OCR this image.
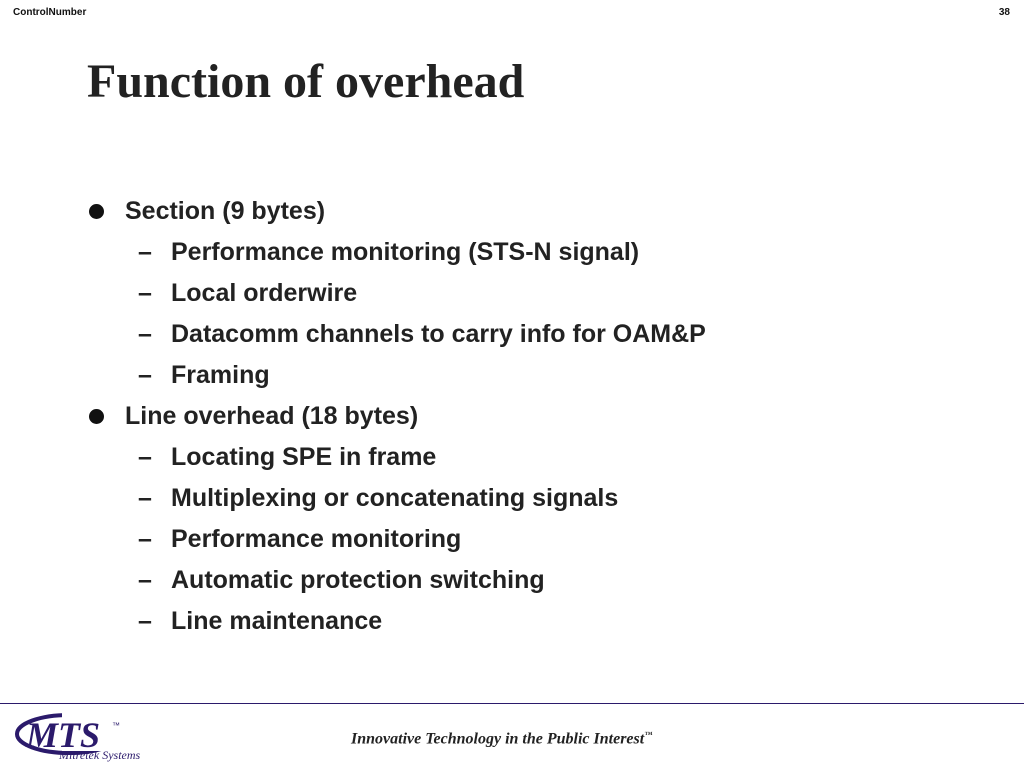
ControlNumber	38
Function of overhead
Section (9 bytes)
– Performance monitoring (STS-N signal)
– Local orderwire
– Datacomm channels to carry info for OAM&P
– Framing
Line overhead (18 bytes)
– Locating SPE in frame
– Multiplexing or concatenating signals
– Performance monitoring
– Automatic protection switching
– Line maintenance
MTS ™
Mitretek Systems
Innovative Technology in the Public Interest™
